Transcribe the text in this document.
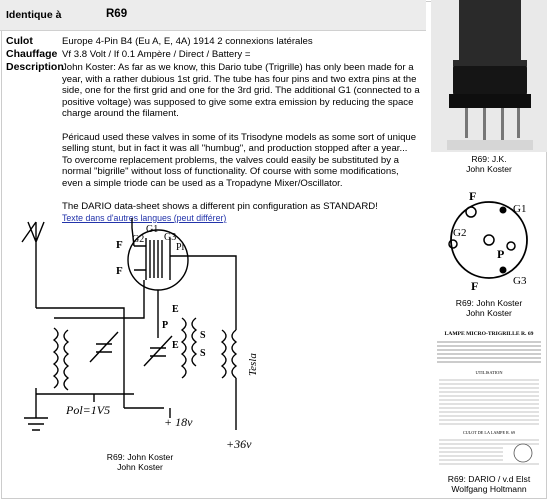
Identique à	R69
Culot	Europe 4-Pin B4 (Eu A, E, 4A) 1914 2 connexions latérales
Chauffage Vf 3.8 Volt / If 0.1 Ampère / Direct / Battery =
Description

John Koster: As far as we know, this Dario tube (Trigrille) has only been made for a year, with a rather dubious 1st grid. The tube has four pins and two extra pins at the side, one for the first grid and one for the 3rd grid. The additional G1 (connected to a positive voltage) was supposed to give some extra emission by reducing the space charge around the filament.

Péricaud used these valves in some of its Trisodyne models as some sort of unique selling stunt, but in fact it was all "humbug", and production stopped after a year... To overcome replacement problems, the valves could easily be substituted by a normal "bigrille" without loss of functionality. Of course with some modifications, even a simple triode can be used as a Tropadyne Mixer/Oscillator.

The DARIO data-sheet shows a different pin configuration as STANDARD!

Texte dans d'autres langues (peut différer)
F
F
G1
G2 G3
Pl
E
E
P
S
S	Tesla
Pol=1V5
+ 18v
+36v
R69: John Koster
John Koster
R69: J.K.
John Koster
F
F
G1
G2
P
G3
R69: John Koster
John Koster
LAMPE MICRO-TRIGRILLE R. 69
UTILISATION
CULOT DE LA LAMPE R. 69
R69: DARIO / v.d Elst
Wolfgang Holtmann
